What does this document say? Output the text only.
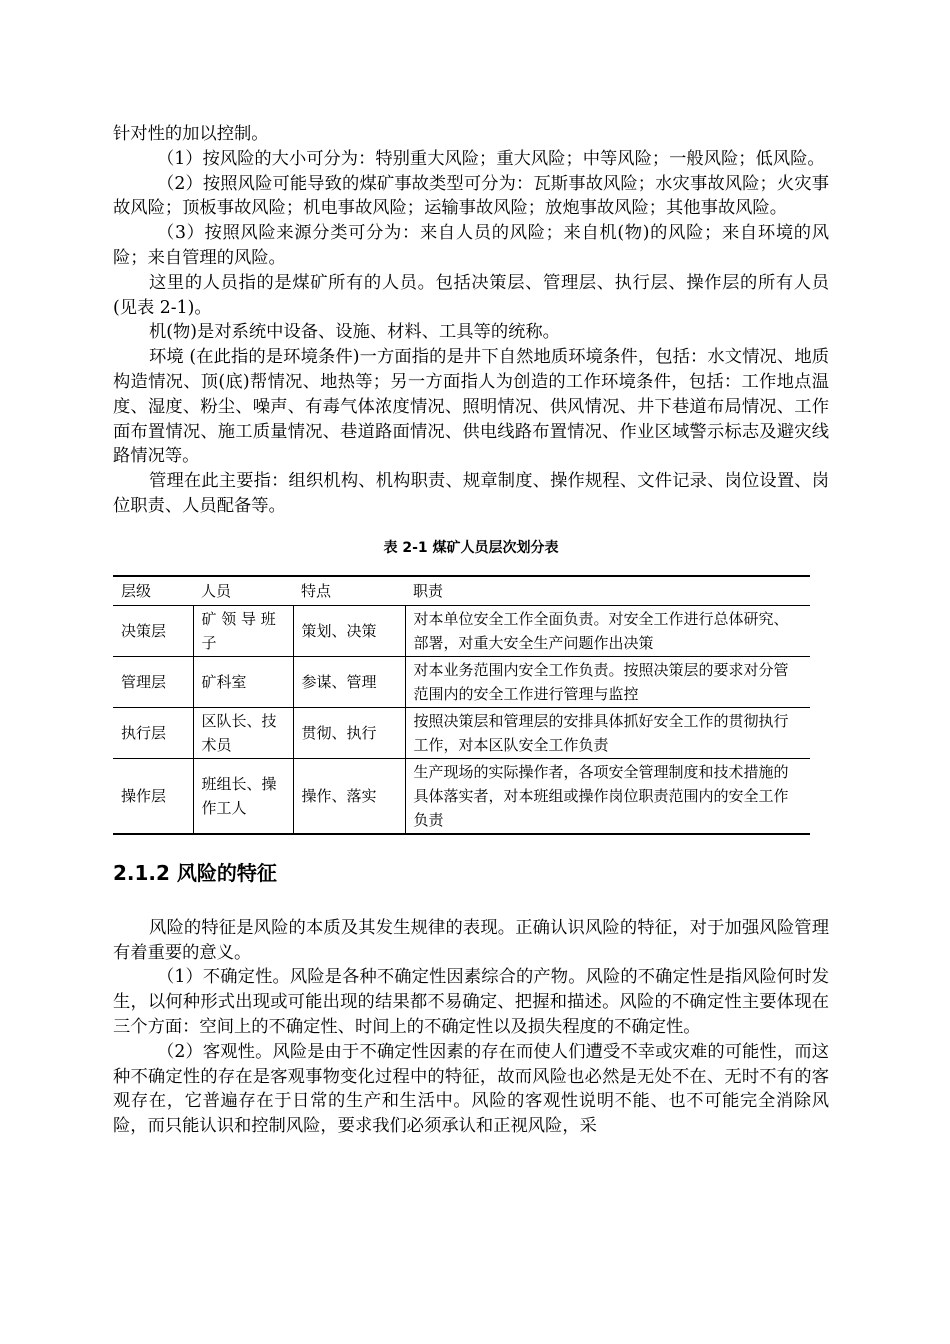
针对性的加以控制。

（1）按风险的大小可分为：特别重大风险；重大风险；中等风险；一般风险；低风险。

（2）按照风险可能导致的煤矿事故类型可分为：瓦斯事故风险；水灾事故风险；火灾事故风险；顶板事故风险；机电事故风险；运输事故风险；放炮事故风险；其他事故风险。

（3）按照风险来源分类可分为：来自人员的风险；来自机(物)的风险；来自环境的风险；来自管理的风险。

这里的人员指的是煤矿所有的人员。包括决策层、管理层、执行层、操作层的所有人员(见表 2-1)。

机(物)是对系统中设备、设施、材料、工具等的统称。

环境 (在此指的是环境条件)一方面指的是井下自然地质环境条件，包括：水文情况、地质构造情况、顶(底)帮情况、地热等；另一方面指人为创造的工作环境条件，包括：工作地点温度、湿度、粉尘、噪声、有毒气体浓度情况、照明情况、供风情况、井下巷道布局情况、工作面布置情况、施工质量情况、巷道路面情况、供电线路布置情况、作业区域警示标志及避灾线路情况等。

管理在此主要指：组织机构、机构职责、规章制度、操作规程、文件记录、岗位设置、岗位职责、人员配备等。

表 2-1 煤矿人员层次划分表
层级	人员	特点	职责
决策层	矿 领 导 班子	策划、决策	对本单位安全工作全面负责。对安全工作进行总体研究、部署，对重大安全生产问题作出决策
管理层	矿科室	参谋、管理	对本业务范围内安全工作负责。按照决策层的要求对分管范围内的安全工作进行管理与监控
执行层	区队长、技术员	贯彻、执行	按照决策层和管理层的安排具体抓好安全工作的贯彻执行工作，对本区队安全工作负责
操作层	班组长、操作工人	操作、落实	生产现场的实际操作者，各项安全管理制度和技术措施的具体落实者，对本班组或操作岗位职责范围内的安全工作负责
2.1.2 风险的特征

风险的特征是风险的本质及其发生规律的表现。正确认识风险的特征，对于加强风险管理有着重要的意义。

（1）不确定性。风险是各种不确定性因素综合的产物。风险的不确定性是指风险何时发生，以何种形式出现或可能出现的结果都不易确定、把握和描述。风险的不确定性主要体现在三个方面：空间上的不确定性、时间上的不确定性以及损失程度的不确定性。

（2）客观性。风险是由于不确定性因素的存在而使人们遭受不幸或灾难的可能性，而这种不确定性的存在是客观事物变化过程中的特征，故而风险也必然是无处不在、无时不有的客观存在，它普遍存在于日常的生产和生活中。风险的客观性说明不能、也不可能完全消除风险，而只能认识和控制风险，要求我们必须承认和正视风险，采
